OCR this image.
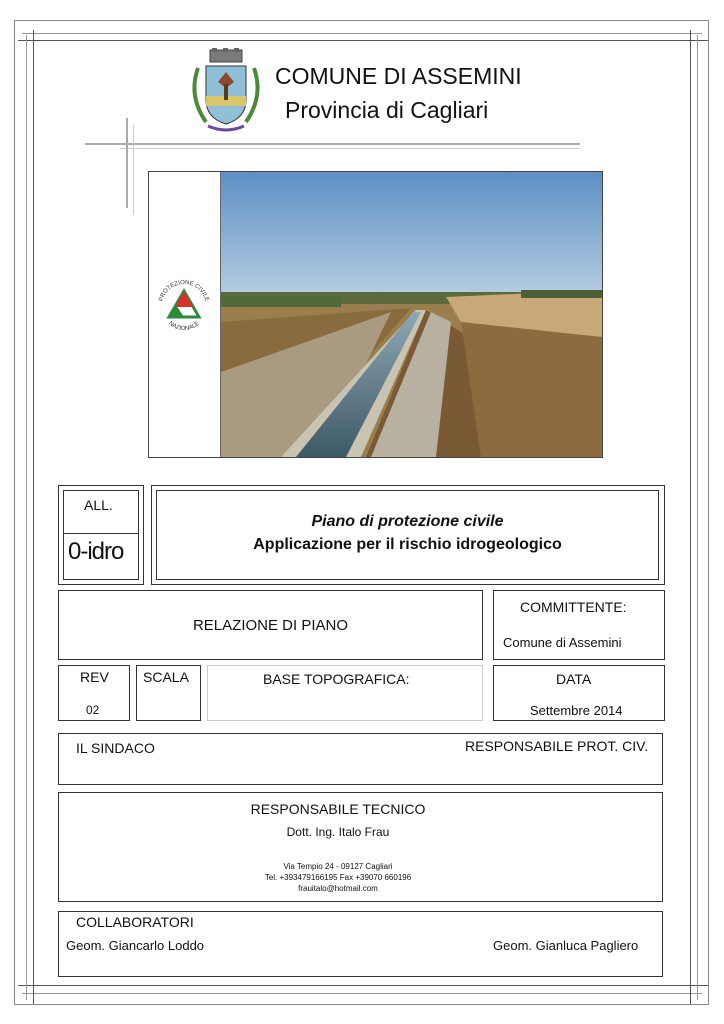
COMUNE DI ASSEMINI
Provincia di Cagliari
PROTEZIONE CIVILE
NAZIONALE
ALL.
0-idro
Piano di protezione civile
Applicazione per il rischio idrogeologico
RELAZIONE DI PIANO
COMMITTENTE:
Comune di Assemini
REV
02
SCALA	BASE TOPOGRAFICA:	DATA
Settembre 2014
IL SINDACO	RESPONSABILE PROT. CIV.
RESPONSABILE TECNICO
Dott. Ing. Italo Frau
Via Tempio 24 - 09127 Cagliari
Tel. +393479166195 Fax +39070 660196
frauitalo@hotmail.com
COLLABORATORI
Geom. Giancarlo Loddo	Geom. Gianluca Pagliero
